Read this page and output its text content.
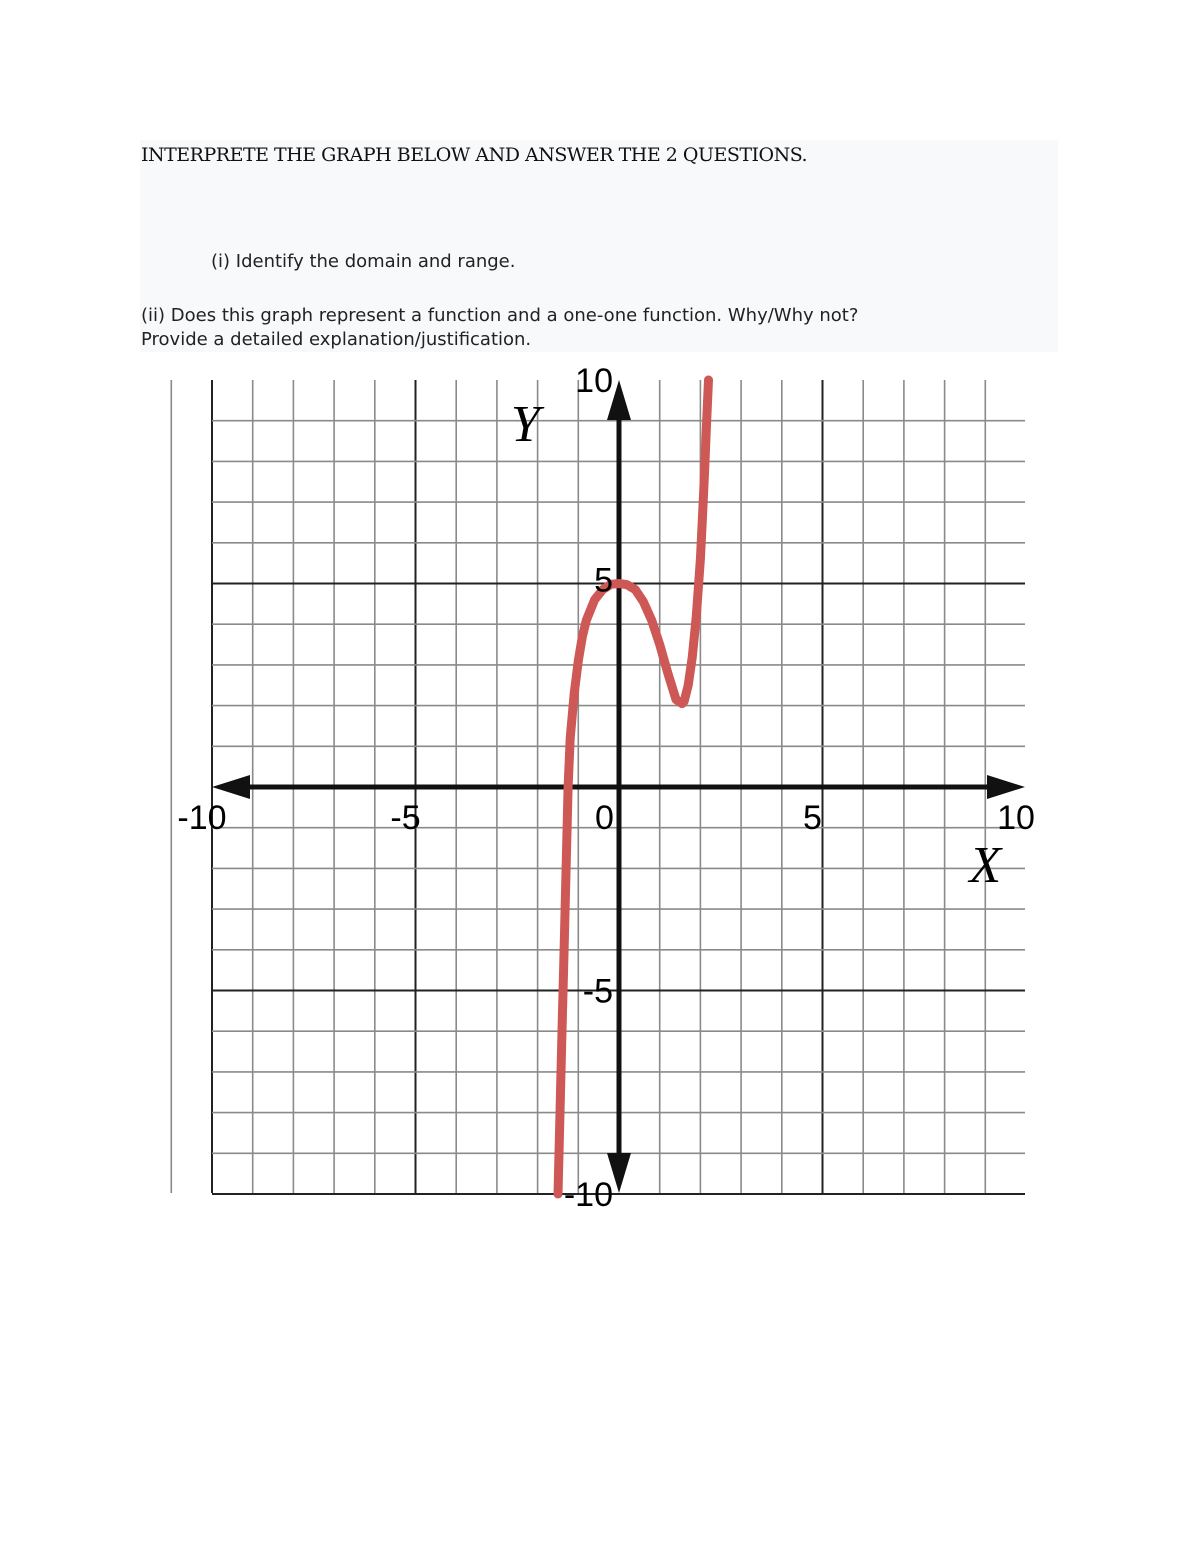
INTERPRETE THE GRAPH BELOW AND ANSWER THE 2 QUESTIONS.
(i) Identify the domain and range.
(ii) Does this graph represent a function and a one-one function. Why/Why not?
Provide a detailed explanation/justification.
-10	-5	0	5	10
10
5
-5
-10
X
Y
